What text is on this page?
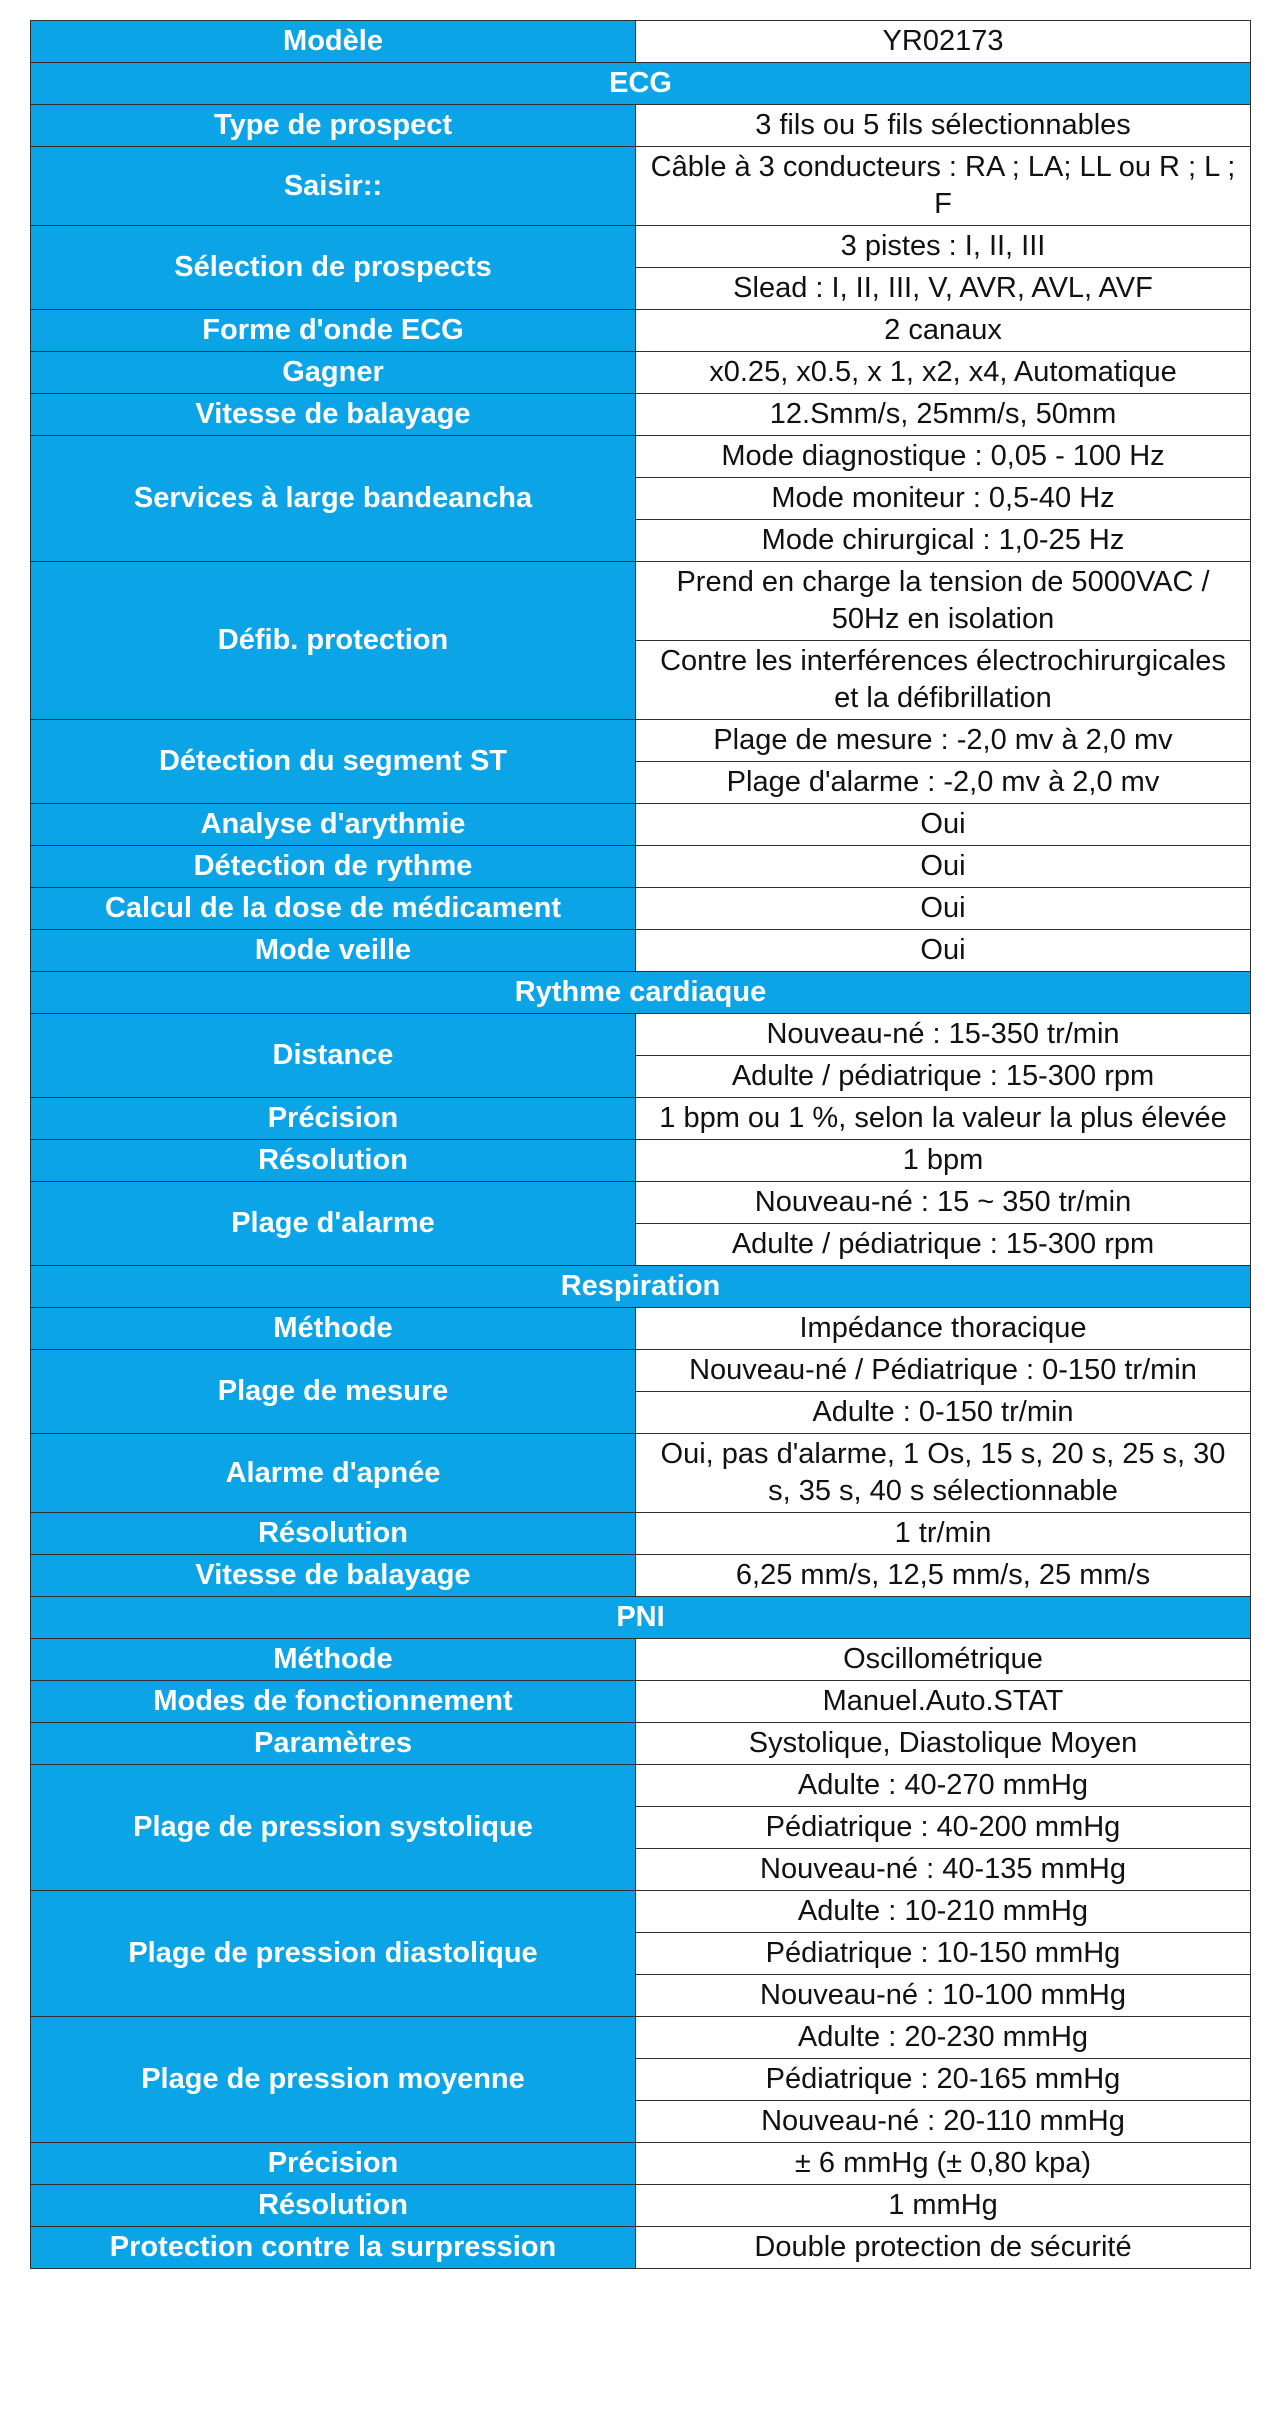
Modèle	YR02173
ECG	
Type de prospect	3 fils ou 5 fils sélectionnables
Saisir::	Câble à 3 conducteurs : RA ; LA; LL ou R ; L ; F
Sélection de prospects	3 pistes : I, II, III
	Slead : I, II, III, V, AVR, AVL, AVF
Forme d'onde ECG	2 canaux
Gagner	x0.25, x0.5, x 1, x2, x4, Automatique
Vitesse de balayage	12.Smm/s, 25mm/s, 50mm
Services à large bandeancha	Mode diagnostique : 0,05 - 100 Hz
	Mode moniteur : 0,5-40 Hz
	Mode chirurgical : 1,0-25 Hz
Défib. protection	Prend en charge la tension de 5000VAC / 50Hz en isolation
	Contre les interférences électrochirurgicales et la défibrillation
Détection du segment ST	Plage de mesure : -2,0 mv à 2,0 mv
	Plage d'alarme : -2,0 mv à 2,0 mv
Analyse d'arythmie	Oui
Détection de rythme	Oui
Calcul de la dose de médicament	Oui
Mode veille	Oui
Rythme cardiaque	
Distance	Nouveau-né : 15-350 tr/min
	Adulte / pédiatrique : 15-300 rpm
Précision	1 bpm ou 1 %, selon la valeur la plus élevée
Résolution	1 bpm
Plage d'alarme	Nouveau-né : 15 ~ 350 tr/min
	Adulte / pédiatrique : 15-300 rpm
Respiration	
Méthode	Impédance thoracique
Plage de mesure	Nouveau-né / Pédiatrique : 0-150 tr/min
	Adulte : 0-150 tr/min
Alarme d'apnée	Oui, pas d'alarme, 1 Os, 15 s, 20 s, 25 s, 30 s, 35 s, 40 s sélectionnable
Résolution	1 tr/min
Vitesse de balayage	6,25 mm/s, 12,5 mm/s, 25 mm/s
PNI	
Méthode	Oscillométrique
Modes de fonctionnement	Manuel.Auto.STAT
Paramètres	Systolique, Diastolique Moyen
Plage de pression systolique	Adulte : 40-270 mmHg
	Pédiatrique : 40-200 mmHg
	Nouveau-né : 40-135 mmHg
Plage de pression diastolique	Adulte : 10-210 mmHg
	Pédiatrique : 10-150 mmHg
	Nouveau-né : 10-100 mmHg
Plage de pression moyenne	Adulte : 20-230 mmHg
	Pédiatrique : 20-165 mmHg
	Nouveau-né : 20-110 mmHg
Précision	± 6 mmHg (± 0,80 kpa)
Résolution	1 mmHg
Protection contre la surpression	Double protection de sécurité
